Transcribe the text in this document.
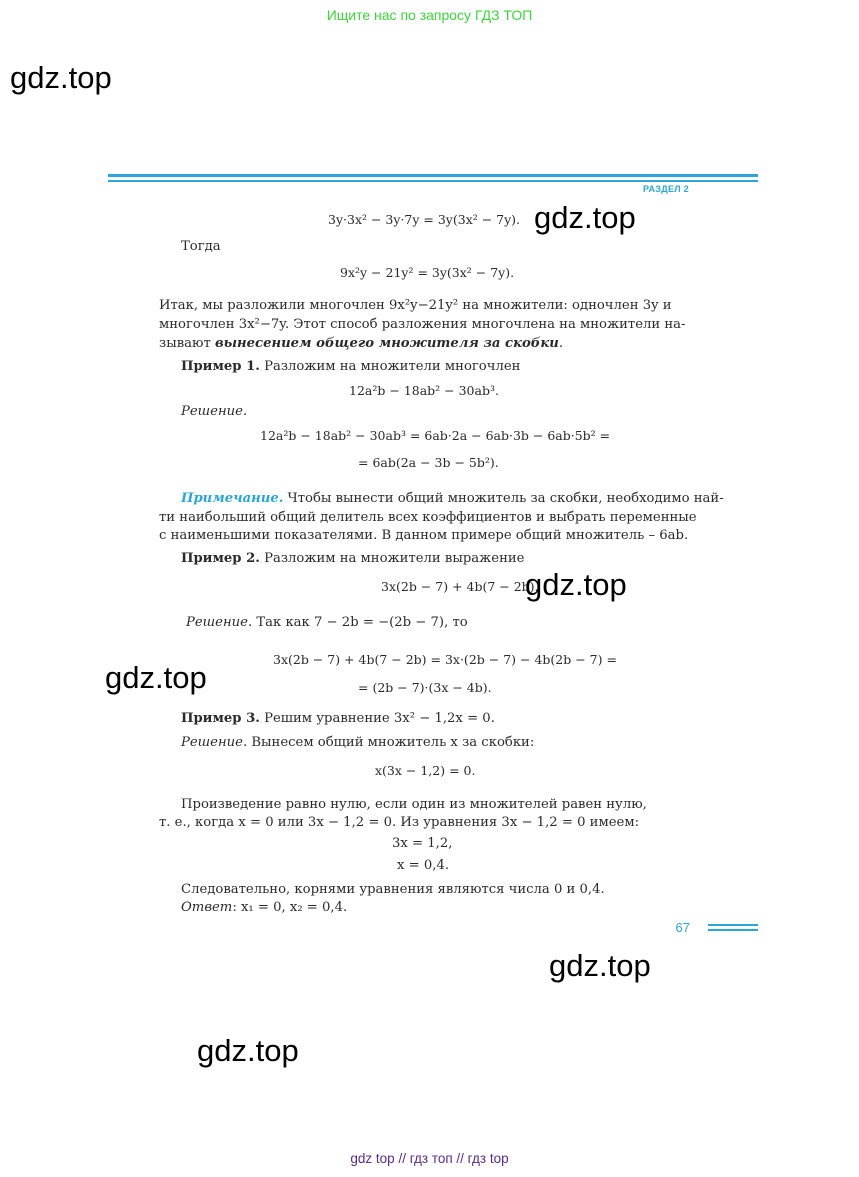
Ищите нас по запросу ГДЗ ТОП
gdz.top
РАЗДЕЛ 2
3y·3x² − 3y·7y = 3y(3x² − 7y). gdz.top
Тогда
9x²y − 21y² = 3y(3x² − 7y).
Итак, мы разложили многочлен 9x²y−21y² на множители: одночлен 3y и
многочлен 3x²−7y. Этот способ разложения многочлена на множители на-
зывают вынесением общего множителя за скобки.
Пример 1. Разложим на множители многочлен
12a²b − 18ab² − 30ab³.
Решение.
12a²b − 18ab² − 30ab³ = 6ab·2a − 6ab·3b − 6ab·5b² =
= 6ab(2a − 3b − 5b²).
Примечание. Чтобы вынести общий множитель за скобки, необходимо най-
ти наибольший общий делитель всех коэффициентов и выбрать переменные
с наименьшими показателями. В данном примере общий множитель – 6ab.
Пример 2. Разложим на множители выражение
3x(2b − 7) + 4b(7 − 2b).
gdz.top
Решение. Так как 7 − 2b = −(2b − 7), то
gdz.top
3x(2b − 7) + 4b(7 − 2b) = 3x·(2b − 7) − 4b(2b − 7) =
= (2b − 7)·(3x − 4b).
Пример 3. Решим уравнение 3x² − 1,2x = 0.
Решение. Вынесем общий множитель x за скобки:
x(3x − 1,2) = 0.
Произведение равно нулю, если один из множителей равен нулю,
т. е., когда x = 0 или 3x − 1,2 = 0. Из уравнения 3x − 1,2 = 0 имеем:
3x = 1,2,
x = 0,4.
Следовательно, корнями уравнения являются числа 0 и 0,4.
Ответ: x₁ = 0, x₂ = 0,4.
67
gdz.top
gdz.top
gdz top // гдз топ // гдз top
